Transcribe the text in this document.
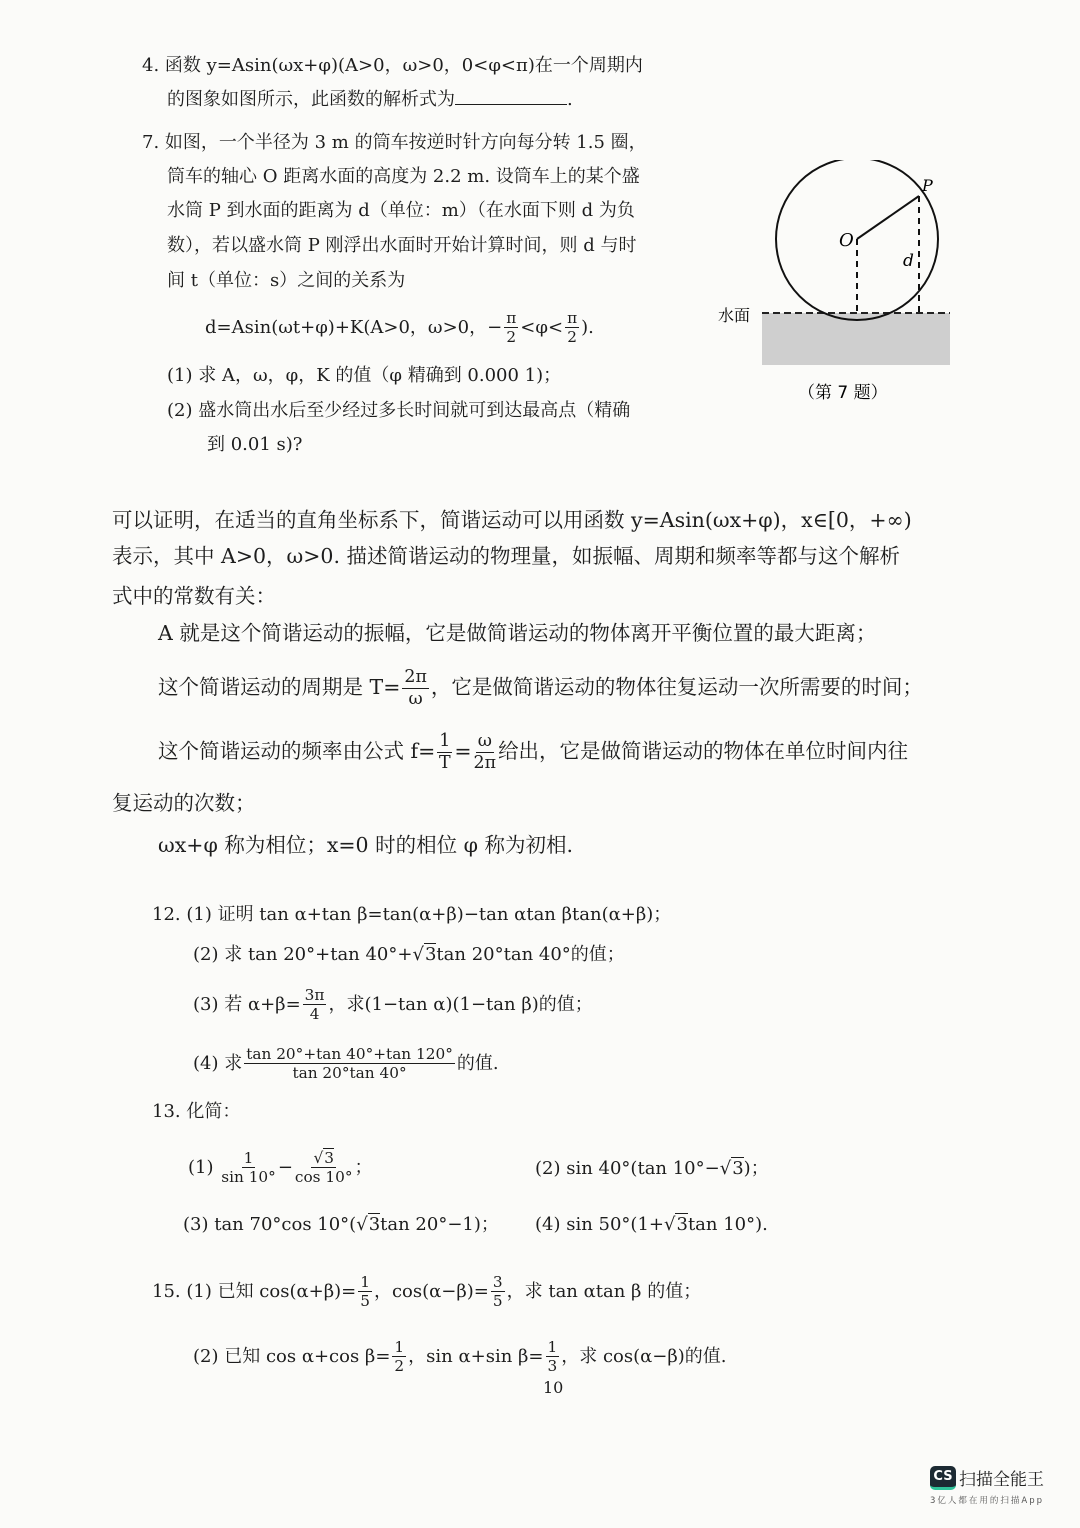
4. 函数 y=Asin(ωx+φ)(A>0，ω>0，0<φ<π)在一个周期内
的图象如图所示，此函数的解析式为	.
7. 如图，一个半径为 3 m 的筒车按逆时针方向每分转 1.5 圈，
筒车的轴心 O 距离水面的高度为 2.2 m. 设筒车上的某个盛
水筒 P 到水面的距离为 d（单位：m）（在水面下则 d 为负
数），若以盛水筒 P 刚浮出水面时开始计算时间，则 d 与时
间 t（单位：s）之间的关系为
d=Asin(ωt+φ)+K(A>0，ω>0，− $\frac{\pi}{2} <\varphi< \frac{\pi}{2}$ ).
(1) 求 A，ω，φ，K 的值（φ 精确到 0.000 1)；
(2) 盛水筒出水后至少经过多长时间就可到达最高点（精确
到 0.01 s)?
O
P
d
水面
（第 7 题）
可以证明，在适当的直角坐标系下，简谐运动可以用函数 y=Asin(ωx+φ)，x∈[0，+∞)
表示，其中 A>0，ω>0. 描述简谐运动的物理量，如振幅、周期和频率等都与这个解析
式中的常数有关：
A 就是这个简谐运动的振幅，它是做简谐运动的物体离开平衡位置的最大距离；
这个简谐运动的周期是 $T= \frac{2\pi}{\omega}$ ，它是做简谐运动的物体往复运动一次所需要的时间；
这个简谐运动的频率由公式 $f= \frac{1}{T} = \frac{\omega}{2\pi}$ 给出，它是做简谐运动的物体在单位时间内往
复运动的次数；
ωx+φ 称为相位；x=0 时的相位 φ 称为初相.
12. (1) 证明 tan α+tan β=tan(α+β)−tan αtan βtan(α+β)；
(2) 求 tan 20°+tan 40°+√3tan 20°tan 40°的值；
(3) 若 $\alpha+\beta= \frac{3\pi}{4}$ ，求(1−tan α)(1−tan β)的值；
(4) 求 $\frac{\tan 20^\circ+\tan 40^\circ+\tan 120^\circ}{\tan 20^\circ\tan 40^\circ}$ 的值.
13. 化简：
$(1) \frac{1}{\sin 10^\circ} - \frac{√3}{\cos 10^\circ}$ ；	(2) sin 40°(tan 10°−√3)；
(3) tan 70°cos 10°(√3tan 20°−1)； (4) sin 50°(1+√3tan 10°).
15. (1) 已知 $\cos(\alpha+\beta)= \frac{1}{5}$ ，$\cos(\alpha-\beta)= \frac{3}{5}$ ，求 tan αtan β 的值；
(2) 已知 cos α+cos $\beta= \frac{1}{2}$ ，sin α+sin $\beta= \frac{1}{3}$ ，求 cos(α−β)的值.
10
CS 扫描全能王
3亿人都在用的扫描App
